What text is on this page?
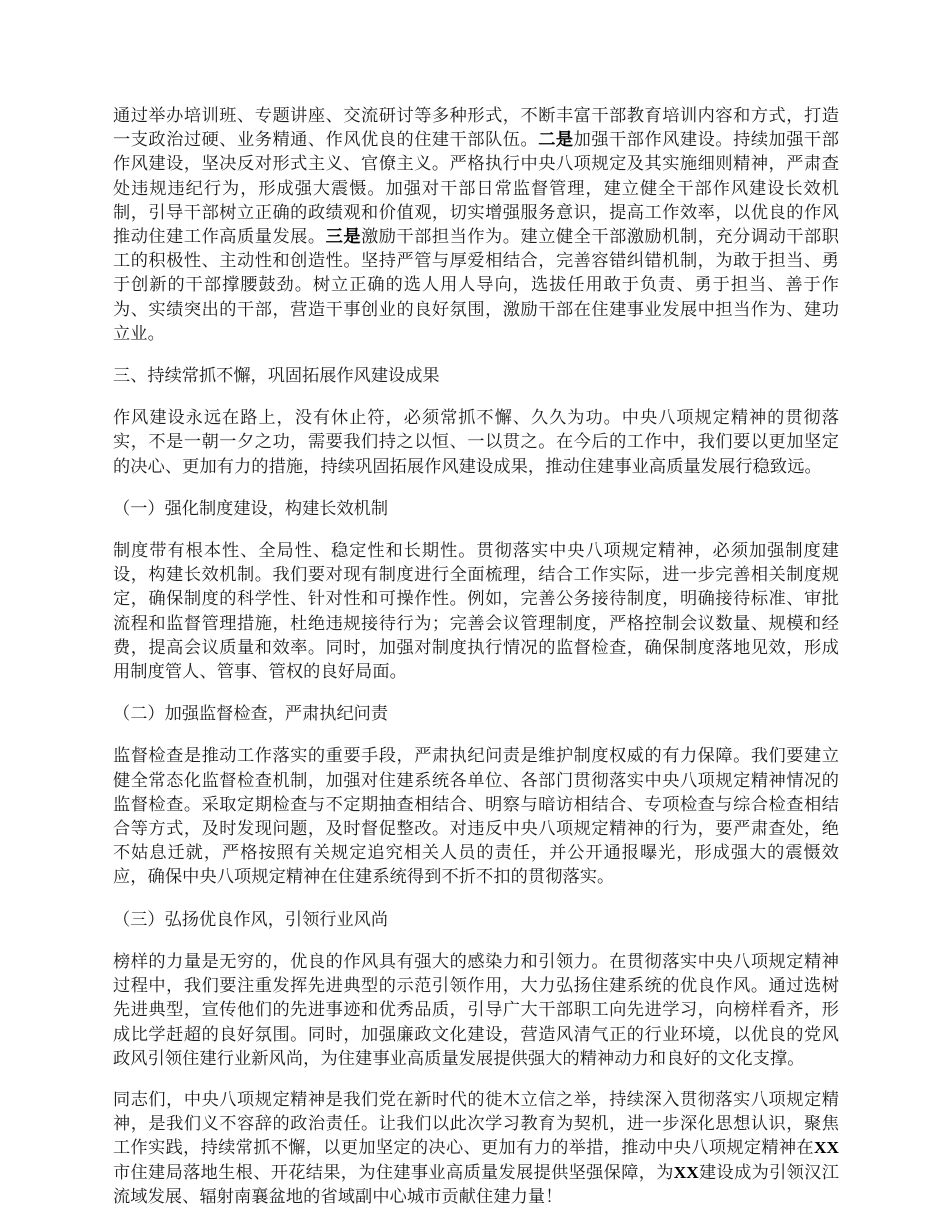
通过举办培训班、专题讲座、交流研讨等多种形式，不断丰富干部教育培训内容和方式，打造一支政治过硬、业务精通、作风优良的住建干部队伍。二是加强干部作风建设。持续加强干部作风建设，坚决反对形式主义、官僚主义。严格执行中央八项规定及其实施细则精神，严肃查处违规违纪行为，形成强大震慑。加强对干部日常监督管理，建立健全干部作风建设长效机制，引导干部树立正确的政绩观和价值观，切实增强服务意识，提高工作效率，以优良的作风推动住建工作高质量发展。三是激励干部担当作为。建立健全干部激励机制，充分调动干部职工的积极性、主动性和创造性。坚持严管与厚爱相结合，完善容错纠错机制，为敢于担当、勇于创新的干部撑腰鼓劲。树立正确的选人用人导向，选拔任用敢于负责、勇于担当、善于作为、实绩突出的干部，营造干事创业的良好氛围，激励干部在住建事业发展中担当作为、建功立业。

三、持续常抓不懈，巩固拓展作风建设成果

作风建设永远在路上，没有休止符，必须常抓不懈、久久为功。中央八项规定精神的贯彻落实，不是一朝一夕之功，需要我们持之以恒、一以贯之。在今后的工作中，我们要以更加坚定的决心、更加有力的措施，持续巩固拓展作风建设成果，推动住建事业高质量发展行稳致远。

（一）强化制度建设，构建长效机制

制度带有根本性、全局性、稳定性和长期性。贯彻落实中央八项规定精神，必须加强制度建设，构建长效机制。我们要对现有制度进行全面梳理，结合工作实际，进一步完善相关制度规定，确保制度的科学性、针对性和可操作性。例如，完善公务接待制度，明确接待标准、审批流程和监督管理措施，杜绝违规接待行为；完善会议管理制度，严格控制会议数量、规模和经费，提高会议质量和效率。同时，加强对制度执行情况的监督检查，确保制度落地见效，形成用制度管人、管事、管权的良好局面。

（二）加强监督检查，严肃执纪问责

监督检查是推动工作落实的重要手段，严肃执纪问责是维护制度权威的有力保障。我们要建立健全常态化监督检查机制，加强对住建系统各单位、各部门贯彻落实中央八项规定精神情况的监督检查。采取定期检查与不定期抽查相结合、明察与暗访相结合、专项检查与综合检查相结合等方式，及时发现问题，及时督促整改。对违反中央八项规定精神的行为，要严肃查处，绝不姑息迁就，严格按照有关规定追究相关人员的责任，并公开通报曝光，形成强大的震慑效应，确保中央八项规定精神在住建系统得到不折不扣的贯彻落实。

（三）弘扬优良作风，引领行业风尚

榜样的力量是无穷的，优良的作风具有强大的感染力和引领力。在贯彻落实中央八项规定精神过程中，我们要注重发挥先进典型的示范引领作用，大力弘扬住建系统的优良作风。通过选树先进典型，宣传他们的先进事迹和优秀品质，引导广大干部职工向先进学习，向榜样看齐，形成比学赶超的良好氛围。同时，加强廉政文化建设，营造风清气正的行业环境，以优良的党风政风引领住建行业新风尚，为住建事业高质量发展提供强大的精神动力和良好的文化支撑。

同志们，中央八项规定精神是我们党在新时代的徙木立信之举，持续深入贯彻落实八项规定精神，是我们义不容辞的政治责任。让我们以此次学习教育为契机，进一步深化思想认识，聚焦工作实践，持续常抓不懈，以更加坚定的决心、更加有力的举措，推动中央八项规定精神在XX市住建局落地生根、开花结果，为住建事业高质量发展提供坚强保障，为XX建设成为引领汉江流域发展、辐射南襄盆地的省域副中心城市贡献住建力量！
